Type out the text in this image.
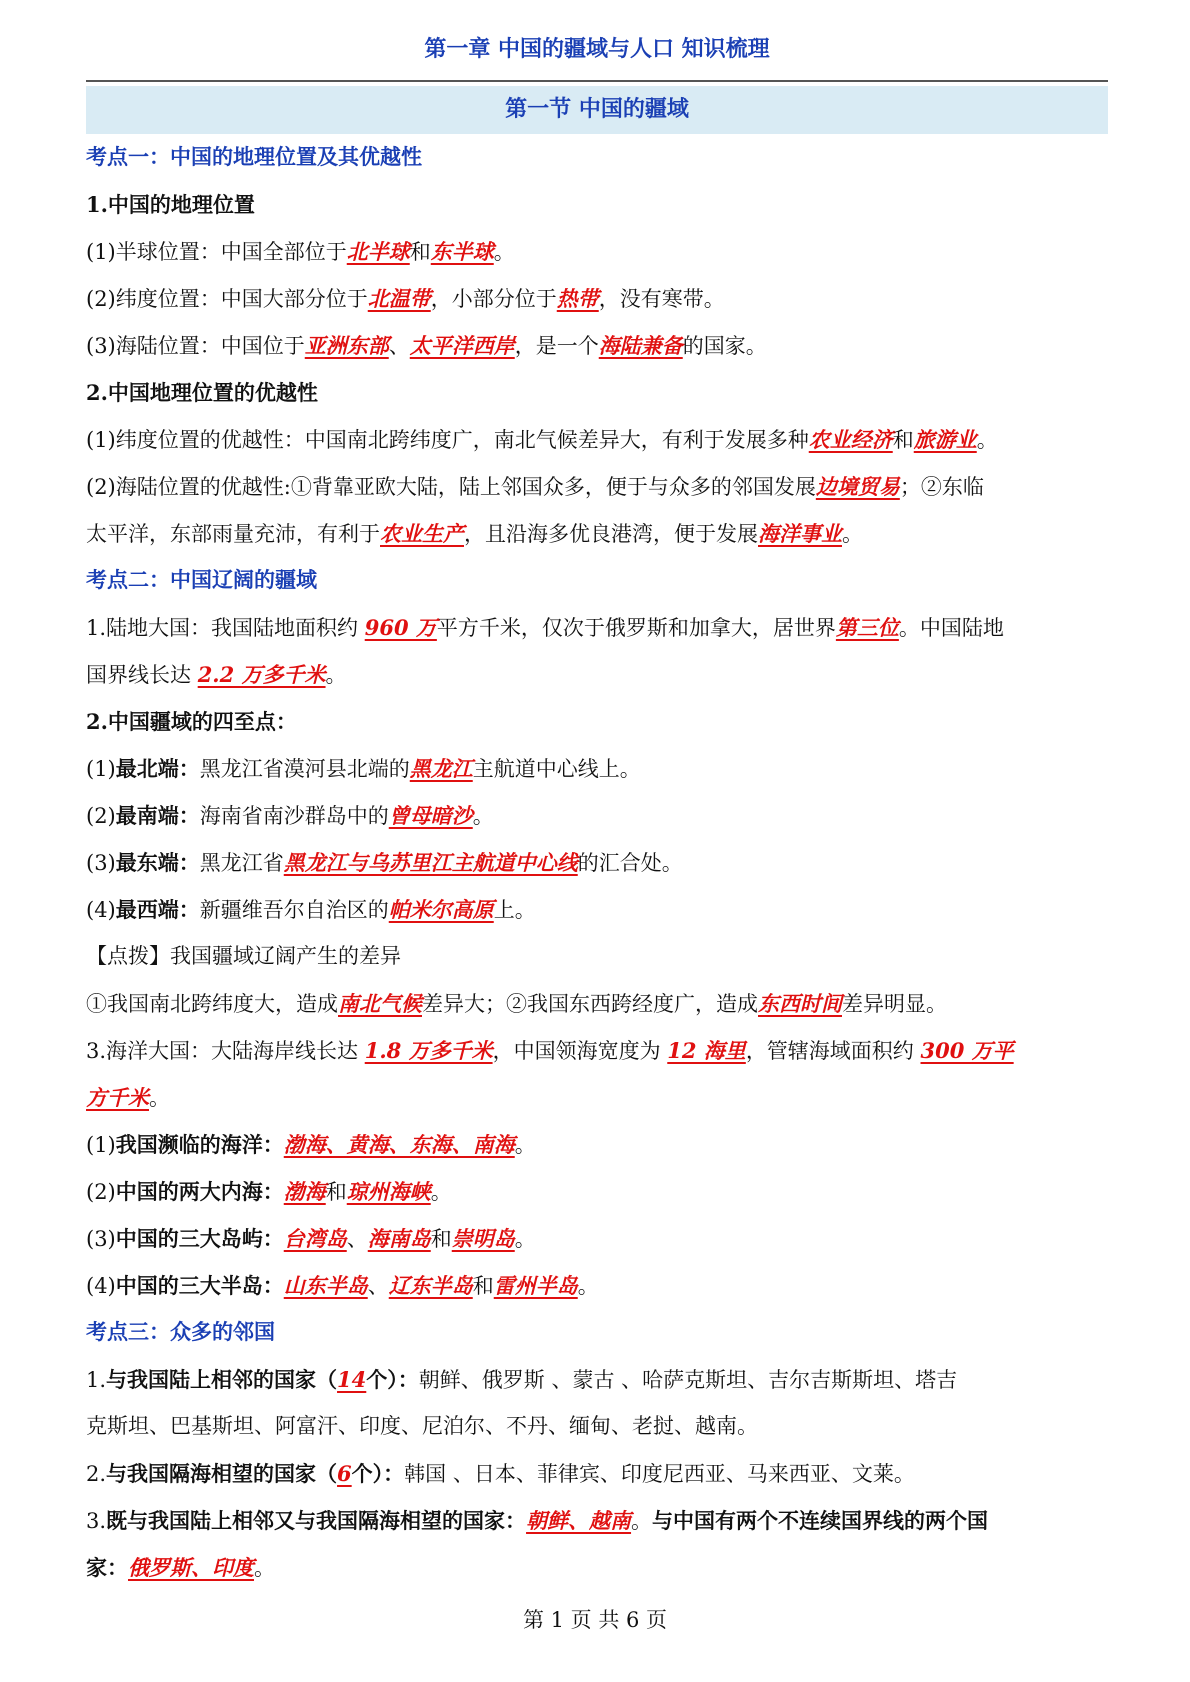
第一章 中国的疆域与人口 知识梳理
第一节 中国的疆域
考点一：中国的地理位置及其优越性
1.中国的地理位置
(1)半球位置：中国全部位于北半球和东半球。
(2)纬度位置：中国大部分位于北温带，小部分位于热带，没有寒带。
(3)海陆位置：中国位于亚洲东部、太平洋西岸，是一个海陆兼备的国家。
2.中国地理位置的优越性
(1)纬度位置的优越性：中国南北跨纬度广，南北气候差异大，有利于发展多种农业经济和旅游业。
(2)海陆位置的优越性:①背靠亚欧大陆，陆上邻国众多，便于与众多的邻国发展边境贸易；②东临
太平洋，东部雨量充沛，有利于农业生产，且沿海多优良港湾，便于发展海洋事业。
考点二：中国辽阔的疆域
1.陆地大国：我国陆地面积约 960 万平方千米，仅次于俄罗斯和加拿大，居世界第三位。中国陆地
国界线长达 2.2 万多千米。
2.中国疆域的四至点：
(1)最北端：黑龙江省漠河县北端的黑龙江主航道中心线上。
(2)最南端：海南省南沙群岛中的曾母暗沙。
(3)最东端：黑龙江省黑龙江与乌苏里江主航道中心线的汇合处。
(4)最西端：新疆维吾尔自治区的帕米尔高原上。
【点拨】我国疆域辽阔产生的差异
①我国南北跨纬度大，造成南北气候差异大；②我国东西跨经度广，造成东西时间差异明显。
3.海洋大国：大陆海岸线长达 1.8 万多千米，中国领海宽度为 12 海里，管辖海域面积约 300 万平
方千米。
(1)我国濒临的海洋：渤海、黄海、东海、南海。
(2)中国的两大内海：渤海和琼州海峡。
(3)中国的三大岛屿：台湾岛、海南岛和崇明岛。
(4)中国的三大半岛：山东半岛、辽东半岛和雷州半岛。
考点三：众多的邻国
1.与我国陆上相邻的国家（14个）：朝鲜、俄罗斯 、蒙古 、哈萨克斯坦、吉尔吉斯斯坦、塔吉
克斯坦、巴基斯坦、阿富汗、印度、尼泊尔、不丹、缅甸、老挝、越南。
2.与我国隔海相望的国家（6个）：韩国 、日本、菲律宾、印度尼西亚、马来西亚、文莱。
3.既与我国陆上相邻又与我国隔海相望的国家：朝鲜、越南。与中国有两个不连续国界线的两个国
家：俄罗斯、印度。
第 1 页 共 6 页
